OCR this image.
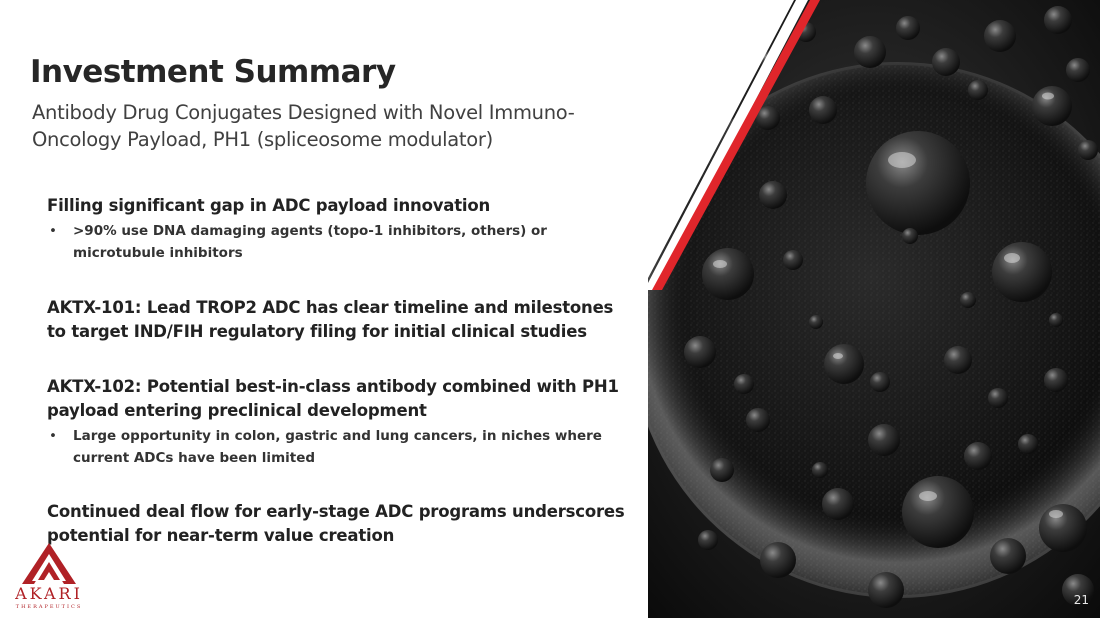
Investment Summary

Antibody Drug Conjugates Designed with Novel Immuno-Oncology Payload, PH1 (spliceosome modulator)

Filling significant gap in ADC payload innovation

• >90% use DNA damaging agents (topo-1 inhibitors, others) or microtubule inhibitors

AKTX-101: Lead TROP2 ADC has clear timeline and milestones to target IND/FIH regulatory filing for initial clinical studies

AKTX-102: Potential best-in-class antibody combined with PH1 payload entering preclinical development

• Large opportunity in colon, gastric and lung cancers, in niches where current ADCs have been limited

Continued deal flow for early-stage ADC programs underscores potential for near-term value creation

AKARI
THERAPEUTICS	21
